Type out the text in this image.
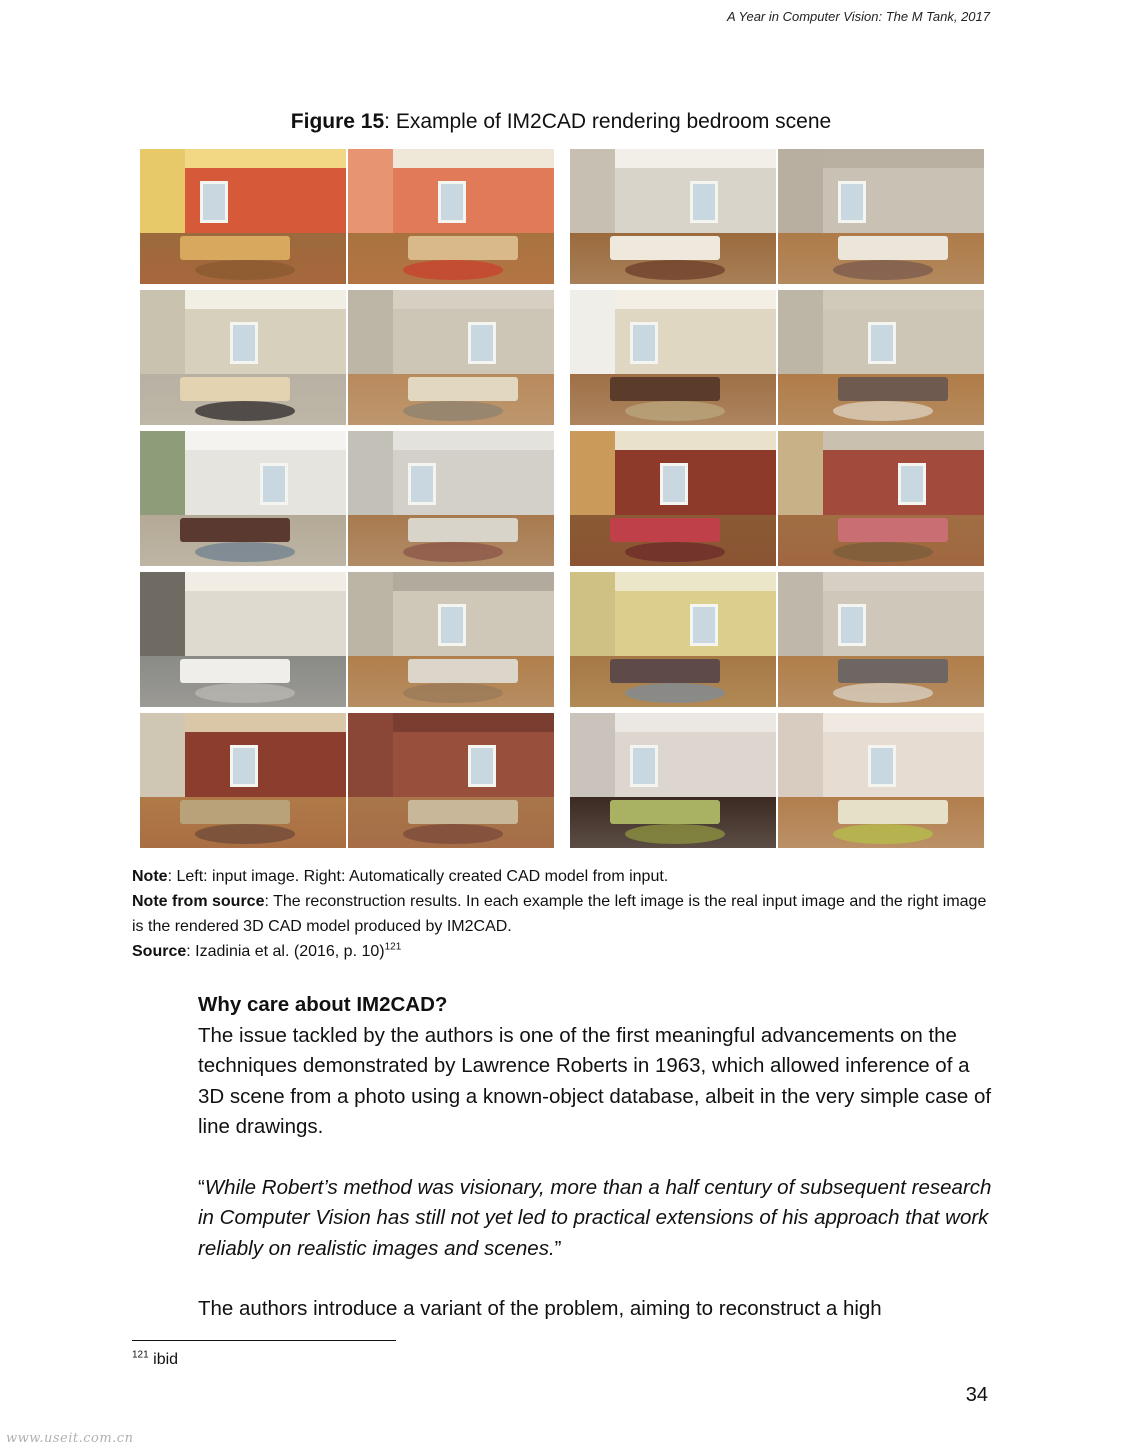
A Year in Computer Vision: The M Tank, 2017
Figure 15: Example of IM2CAD rendering bedroom scene

Note: Left: input image. Right: Automatically created CAD model from input.

Note from source: The reconstruction results. In each example the left image is the real input image and the right image is the rendered 3D CAD model produced by IM2CAD.

Source: Izadinia et al. (2016, p. 10)$^{121}$

Why care about IM2CAD?

The issue tackled by the authors is one of the first meaningful advancements on the techniques demonstrated by Lawrence Roberts in 1963, which allowed inference of a 3D scene from a photo using a known-object database, albeit in the very simple case of line drawings.

“While Robert’s method was visionary, more than a half century of subsequent research in Computer Vision has still not yet led to practical extensions of his approach that work reliably on realistic images and scenes.”

The authors introduce a variant of the problem, aiming to reconstruct a high

$^{121}$ ibid
34
www.useit.com.cn
